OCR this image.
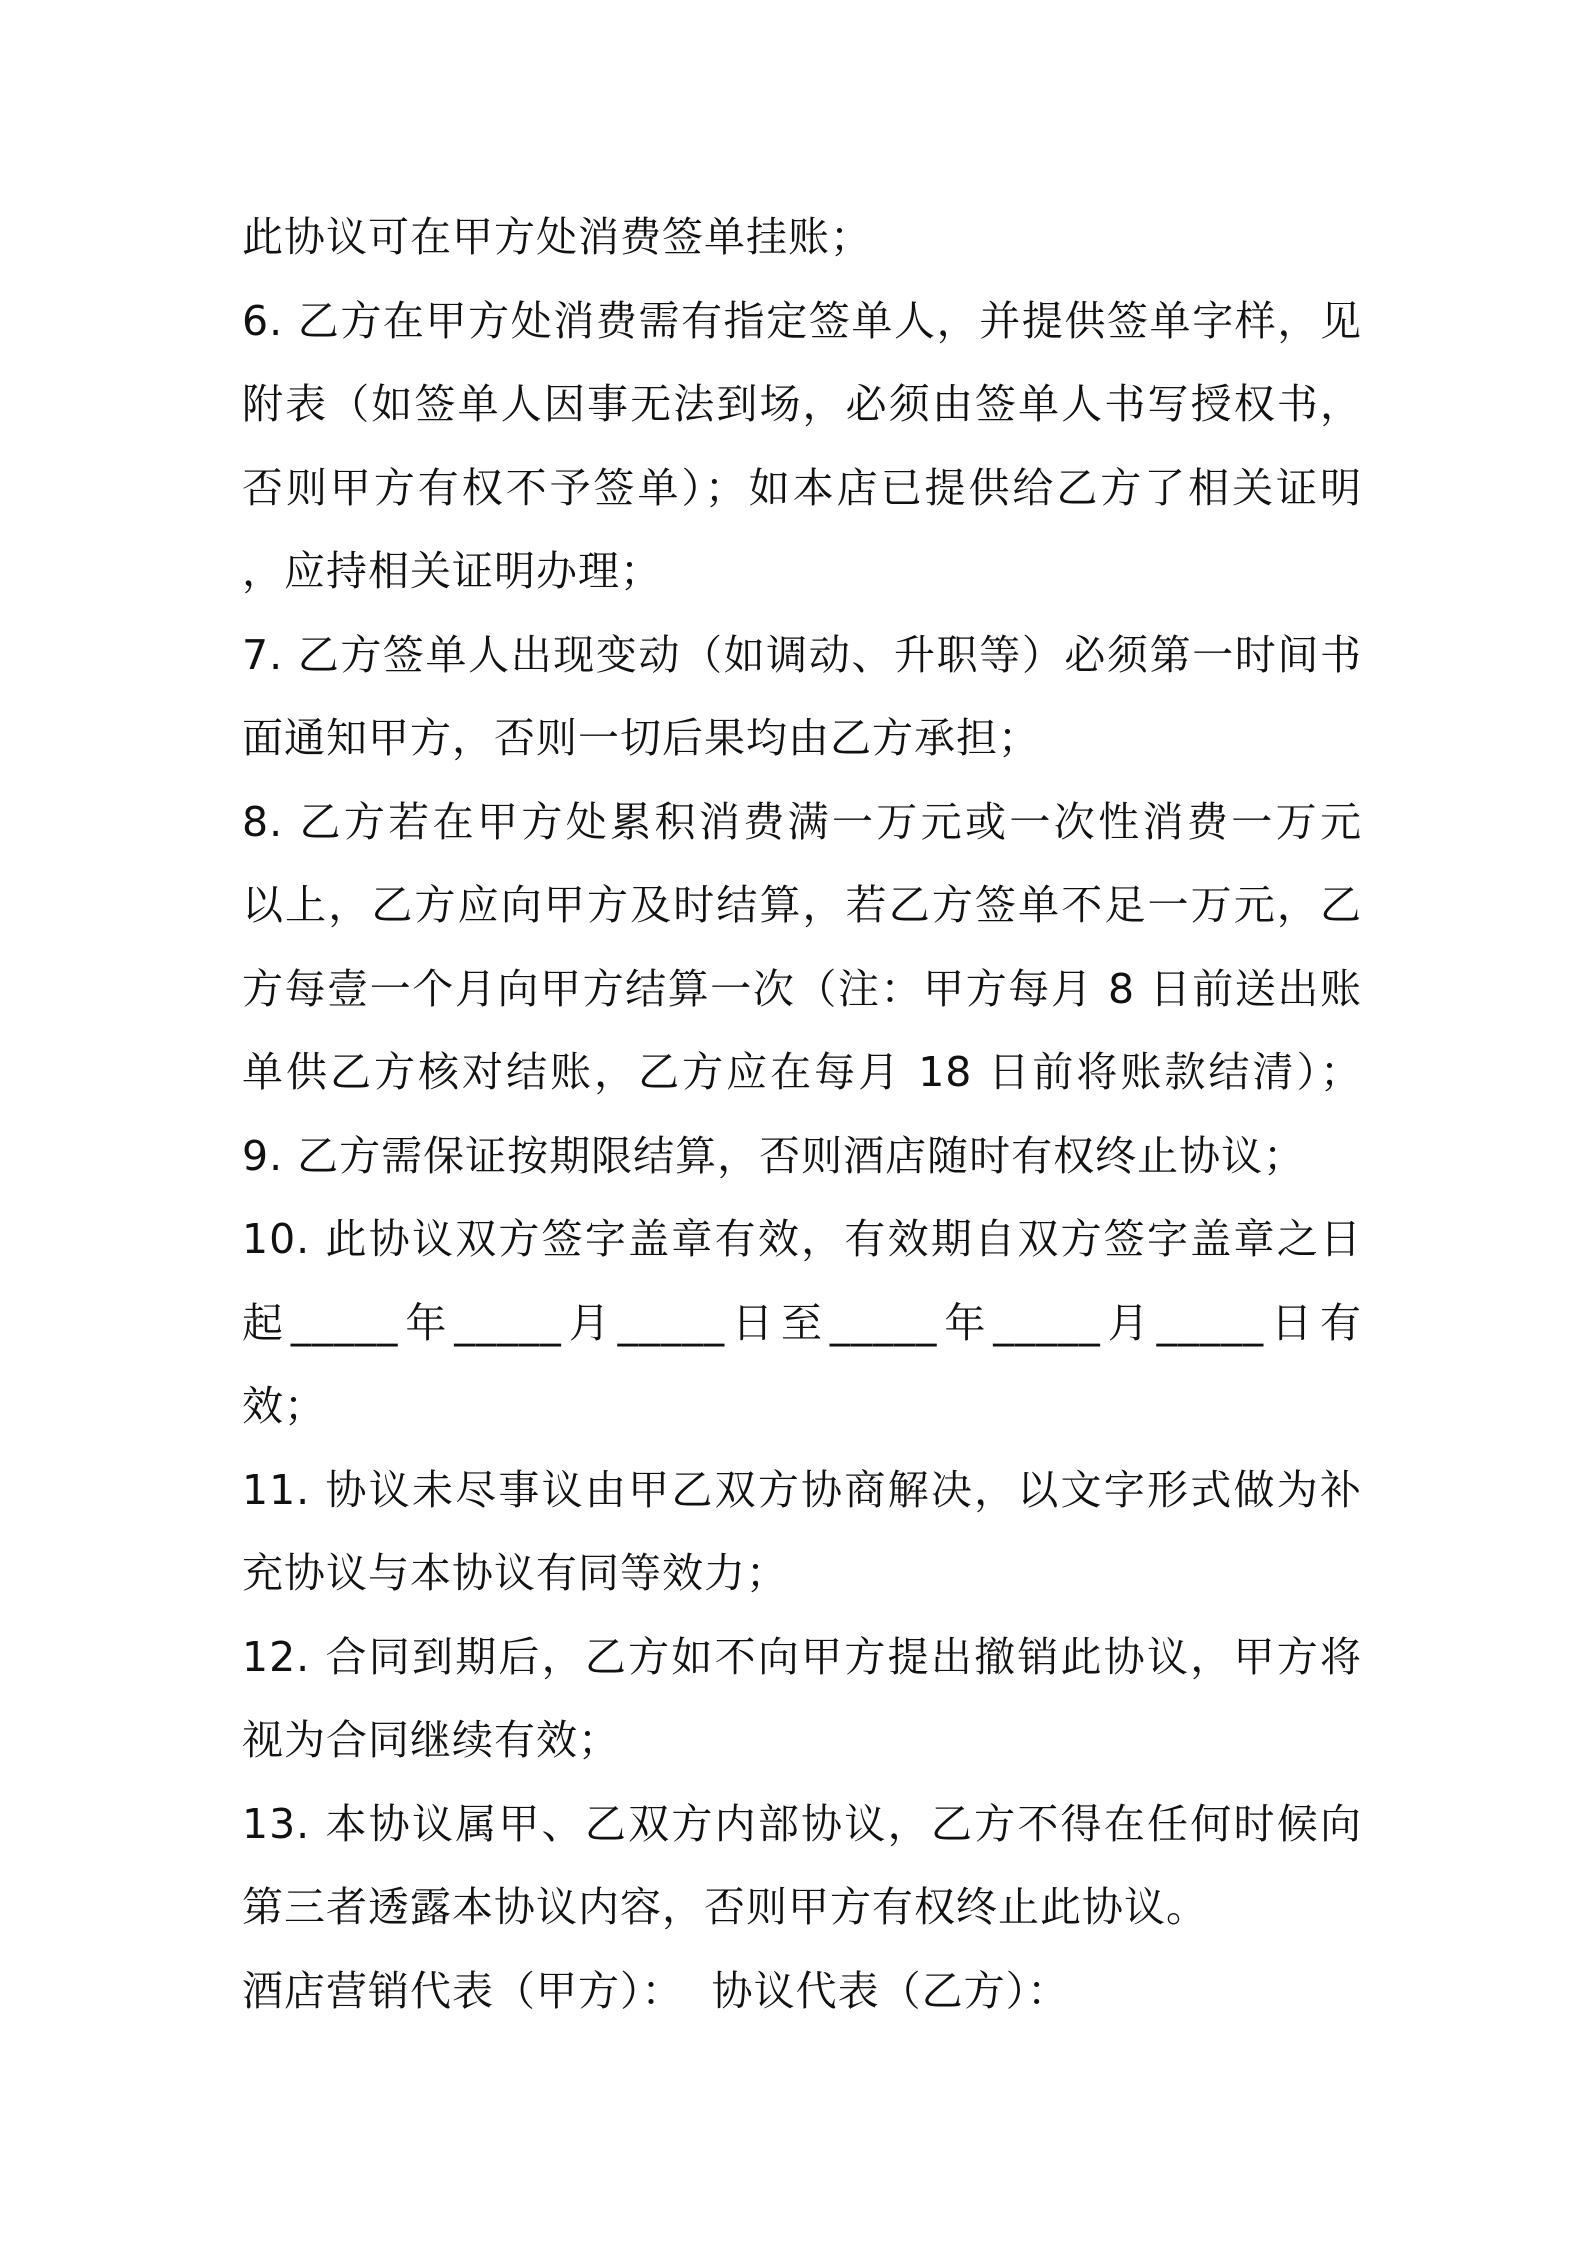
此协议可在甲方处消费签单挂账；
6. 乙方在甲方处消费需有指定签单人，并提供签单字样，见
附表（如签单人因事无法到场，必须由签单人书写授权书，
否则甲方有权不予签单）；如本店已提供给乙方了相关证明
，应持相关证明办理；
7. 乙方签单人出现变动（如调动、升职等）必须第一时间书
面通知甲方，否则一切后果均由乙方承担；
8. 乙方若在甲方处累积消费满一万元或一次性消费一万元
以上，乙方应向甲方及时结算，若乙方签单不足一万元，乙
方每壹一个月向甲方结算一次（注：甲方每月 8 日前送出账
单供乙方核对结账，乙方应在每月 18 日前将账款结清）；
9. 乙方需保证按期限结算，否则酒店随时有权终止协议；
10. 此协议双方签字盖章有效，有效期自双方签字盖章之日
起_____年_____月_____日至_____年_____月_____日有
效；
11. 协议未尽事议由甲乙双方协商解决，以文字形式做为补
充协议与本协议有同等效力；
12. 合同到期后，乙方如不向甲方提出撤销此协议，甲方将
视为合同继续有效；
13. 本协议属甲、乙双方内部协议，乙方不得在任何时候向
第三者透露本协议内容，否则甲方有权终止此协议。
酒店营销代表（甲方）：  协议代表（乙方）：
